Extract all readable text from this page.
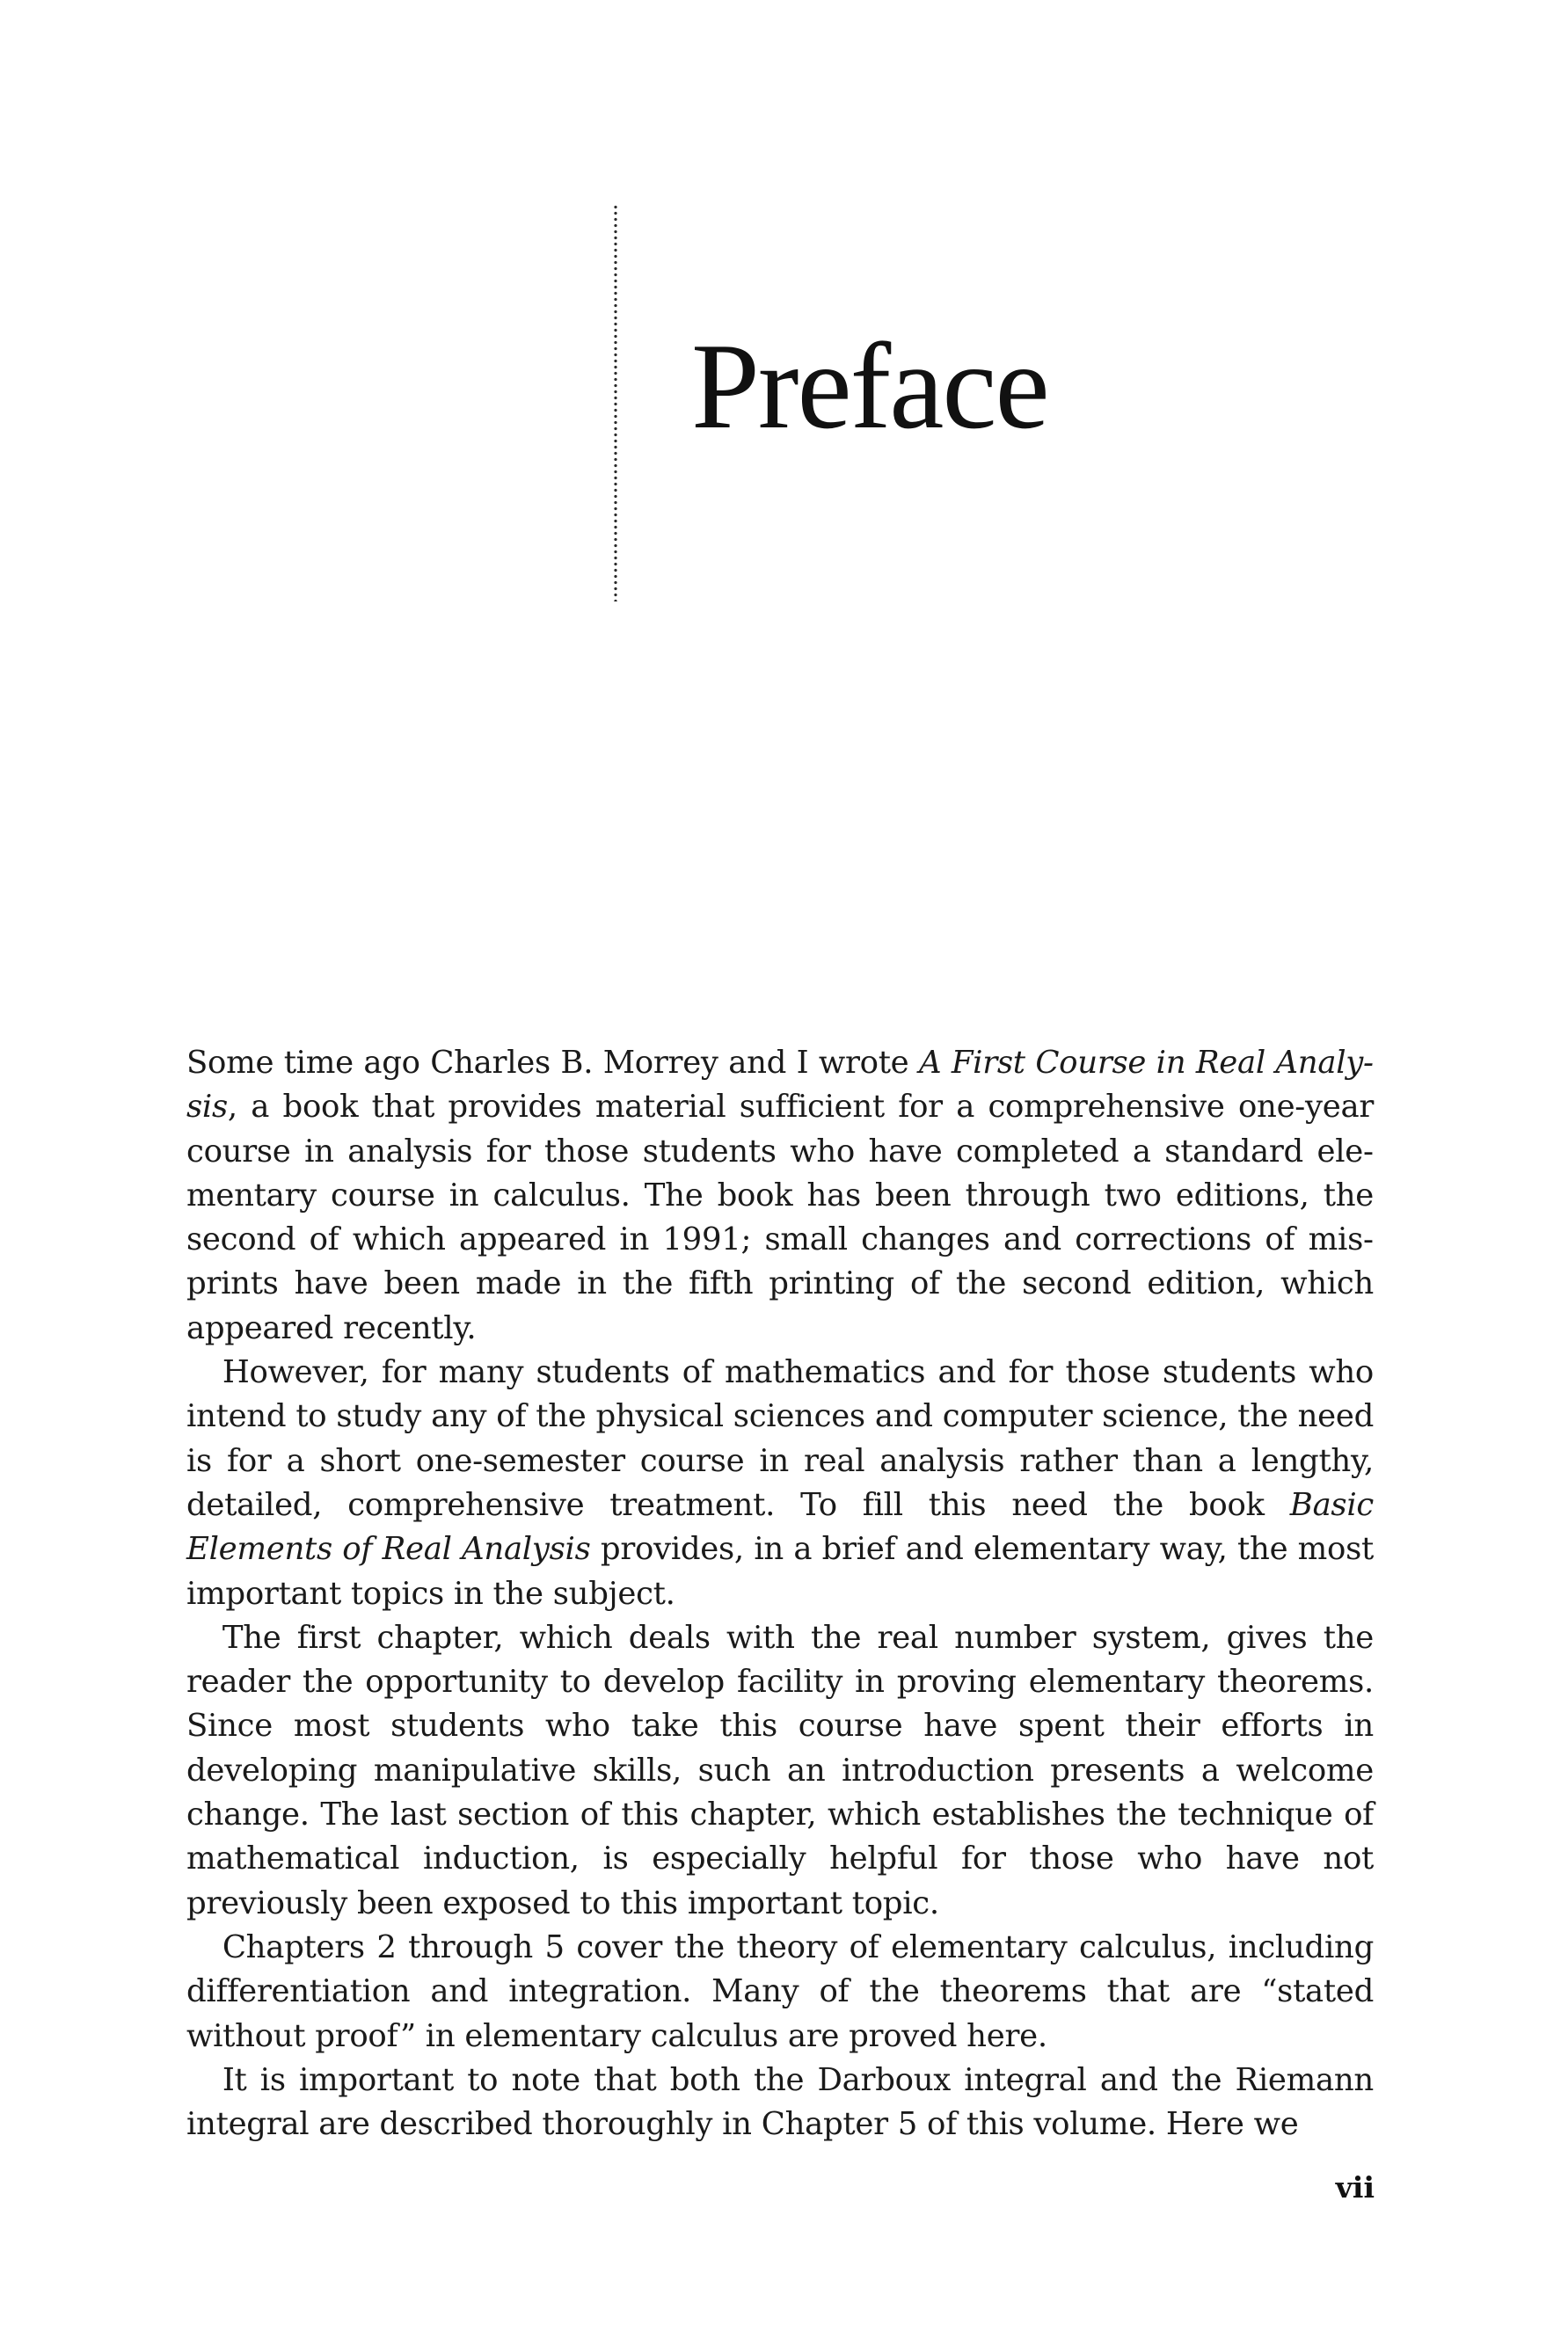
Preface

Some time ago Charles B. Morrey and I wrote A First Course in Real Analysis, a book that provides material sufficient for a comprehensive one-year course in analysis for those students who have completed a standard elementary course in calculus. The book has been through two editions, the second of which appeared in 1991; small changes and corrections of misprints have been made in the fifth printing of the second edition, which appeared recently.

However, for many students of mathematics and for those students who intend to study any of the physical sciences and computer science, the need is for a short one-semester course in real analysis rather than a lengthy, detailed, comprehensive treatment. To fill this need the book Basic Elements of Real Analysis provides, in a brief and elementary way, the most important topics in the subject.

The first chapter, which deals with the real number system, gives the reader the opportunity to develop facility in proving elementary theorems. Since most students who take this course have spent their efforts in developing manipulative skills, such an introduction presents a welcome change. The last section of this chapter, which establishes the technique of mathematical induction, is especially helpful for those who have not previously been exposed to this important topic.

Chapters 2 through 5 cover the theory of elementary calculus, including differentiation and integration. Many of the theorems that are “stated without proof” in elementary calculus are proved here.

It is important to note that both the Darboux integral and the Riemann integral are described thoroughly in Chapter 5 of this volume. Here we

vii
